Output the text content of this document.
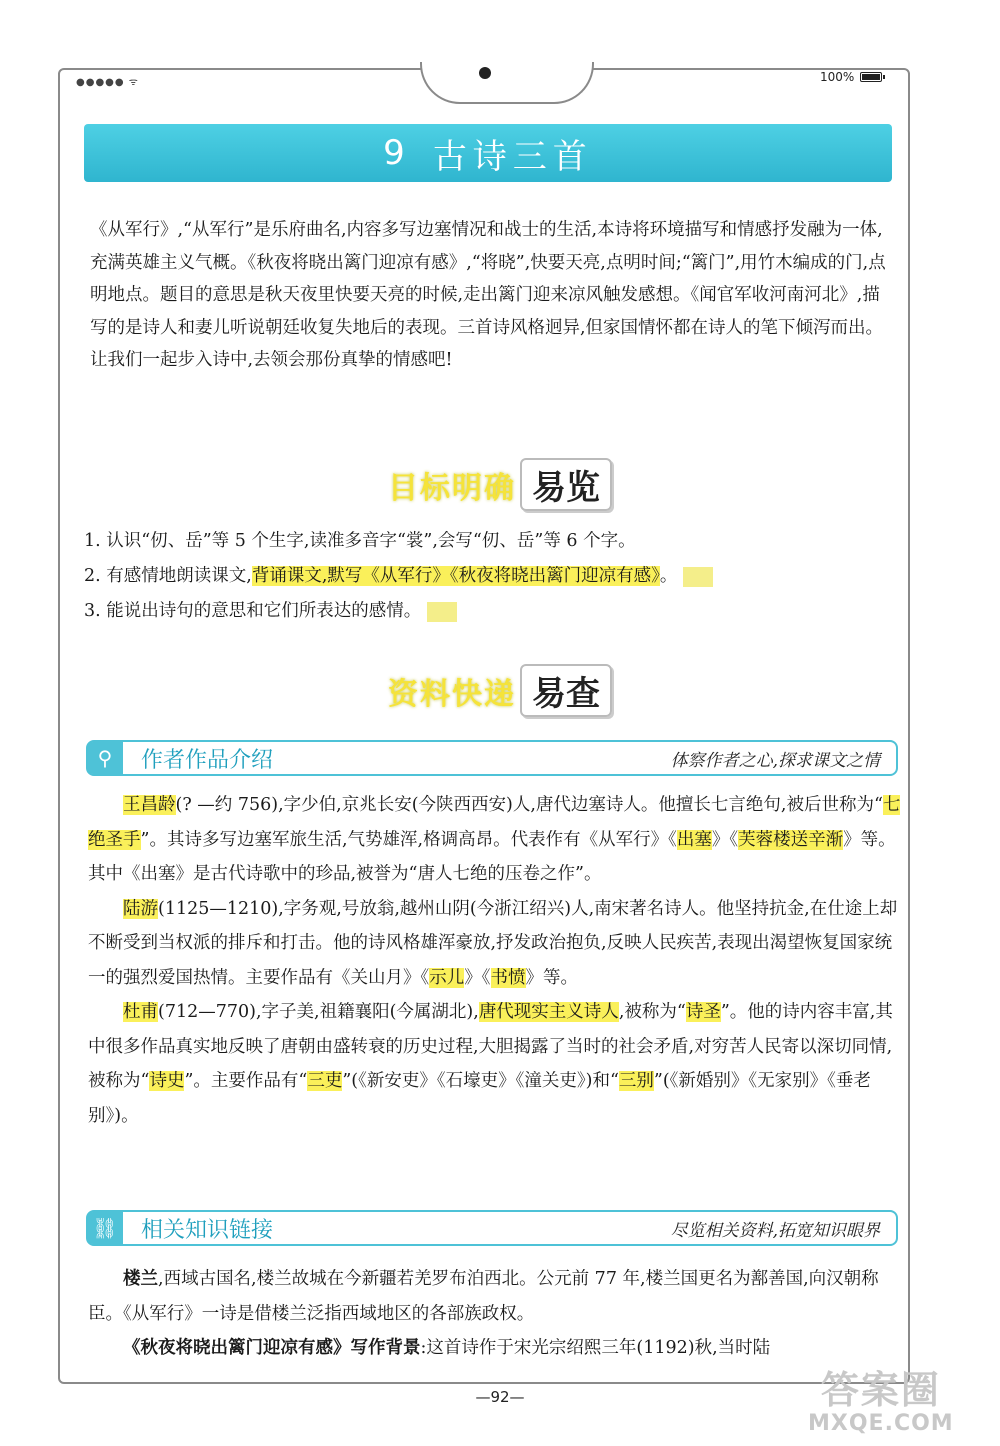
●●●●● ᯤ	100%
9 古诗三首
《从军行》,“从军行”是乐府曲名,内容多写边塞情况和战士的生活,本诗将环境描写和情感抒发融为一体,充满英雄主义气概。《秋夜将晓出篱门迎凉有感》,“将晓”,快要天亮,点明时间;“篱门”,用竹木编成的门,点明地点。题目的意思是秋天夜里快要天亮的时候,走出篱门迎来凉风触发感想。《闻官军收河南河北》,描写的是诗人和妻儿听说朝廷收复失地后的表现。三首诗风格迥异,但家国情怀都在诗人的笔下倾泻而出。让我们一起步入诗中,去领会那份真挚的情感吧!
目标明确 易览
1. 认识“仞、岳”等 5 个生字,读准多音字“裳”,会写“仞、岳”等 6 个字。
2. 有感情地朗读课文,背诵课文,默写《从军行》《秋夜将晓出篱门迎凉有感》。
3. 能说出诗句的意思和它们所表达的感情。
资料快递 易查
⚲	作者作品介绍	体察作者之心,探求课文之情

王昌龄(? —约 756),字少伯,京兆长安(今陕西西安)人,唐代边塞诗人。他擅长七言绝句,被后世称为“七绝圣手”。其诗多写边塞军旅生活,气势雄浑,格调高昂。代表作有《从军行》《出塞》《芙蓉楼送辛渐》等。其中《出塞》是古代诗歌中的珍品,被誉为“唐人七绝的压卷之作”。

陆游(1125—1210),字务观,号放翁,越州山阴(今浙江绍兴)人,南宋著名诗人。他坚持抗金,在仕途上却不断受到当权派的排斥和打击。他的诗风格雄浑豪放,抒发政治抱负,反映人民疾苦,表现出渴望恢复国家统一的强烈爱国热情。主要作品有《关山月》《示儿》《书愤》等。

杜甫(712—770),字子美,祖籍襄阳(今属湖北),唐代现实主义诗人,被称为“诗圣”。他的诗内容丰富,其中很多作品真实地反映了唐朝由盛转衰的历史过程,大胆揭露了当时的社会矛盾,对穷苦人民寄以深切同情,被称为“诗史”。主要作品有“三吏”(《新安吏》《石壕吏》《潼关吏》)和“三别”(《新婚别》《无家别》《垂老别》)。

⛓ 相关知识链接	尽览相关资料,拓宽知识眼界

楼兰,西域古国名,楼兰故城在今新疆若羌罗布泊西北。公元前 77 年,楼兰国更名为鄯善国,向汉朝称臣。《从军行》一诗是借楼兰泛指西域地区的各部族政权。

《秋夜将晓出篱门迎凉有感》写作背景:这首诗作于宋光宗绍熙三年(1192)秋,当时陆

—92—	答案圈
MXQE.COM
